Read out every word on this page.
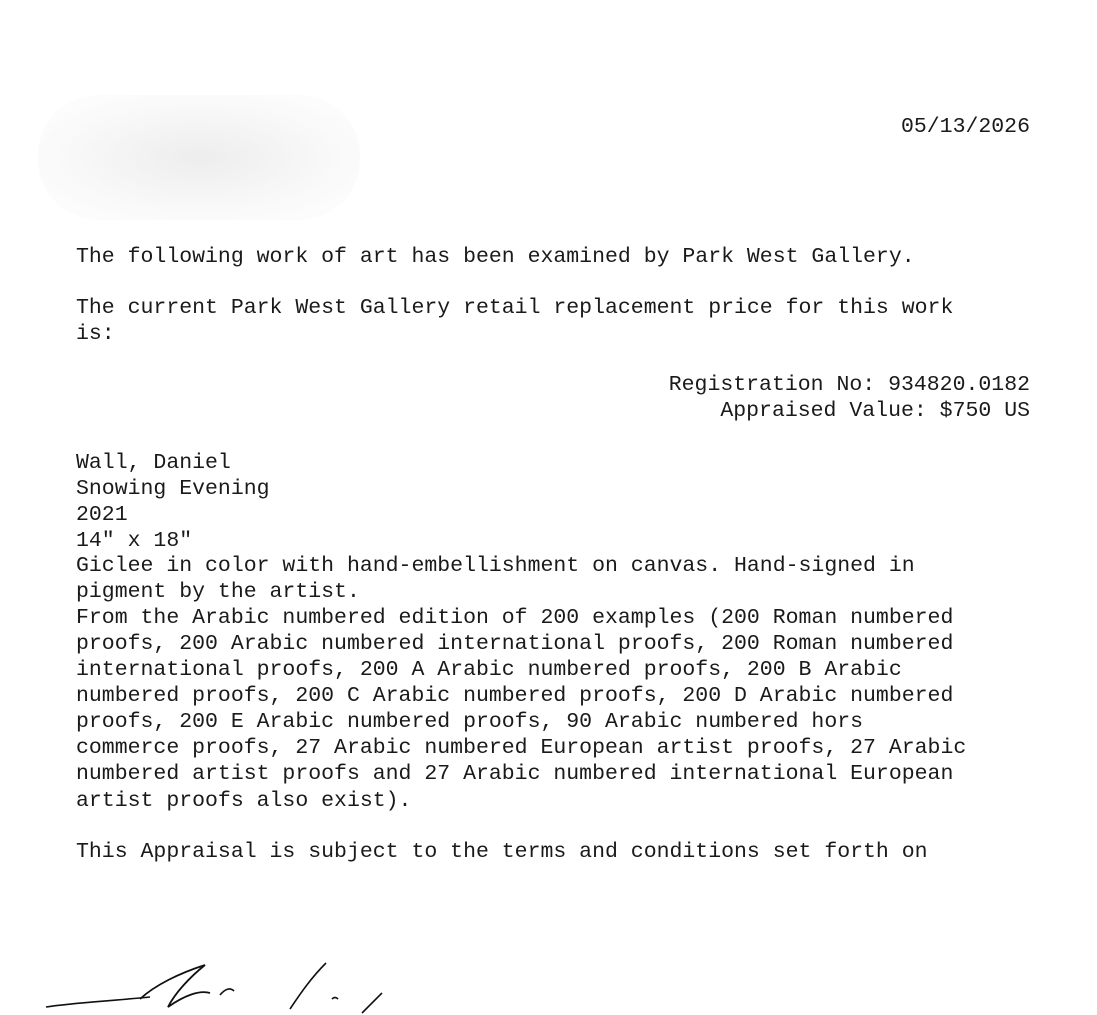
05/13/2026
The following work of art has been examined by Park West Gallery.
The current Park West Gallery retail replacement price for this work
is:
Registration No: 934820.0182
Appraised Value: $750 US
Wall, Daniel
Snowing Evening
2021
14" x 18"
Giclee in color with hand-embellishment on canvas. Hand-signed in
pigment by the artist.
From the Arabic numbered edition of 200 examples (200 Roman numbered
proofs, 200 Arabic numbered international proofs, 200 Roman numbered
international proofs, 200 A Arabic numbered proofs, 200 B Arabic
numbered proofs, 200 C Arabic numbered proofs, 200 D Arabic numbered
proofs, 200 E Arabic numbered proofs, 90 Arabic numbered hors
commerce proofs, 27 Arabic numbered European artist proofs, 27 Arabic
numbered artist proofs and 27 Arabic numbered international European
artist proofs also exist).
This Appraisal is subject to the terms and conditions set forth on
